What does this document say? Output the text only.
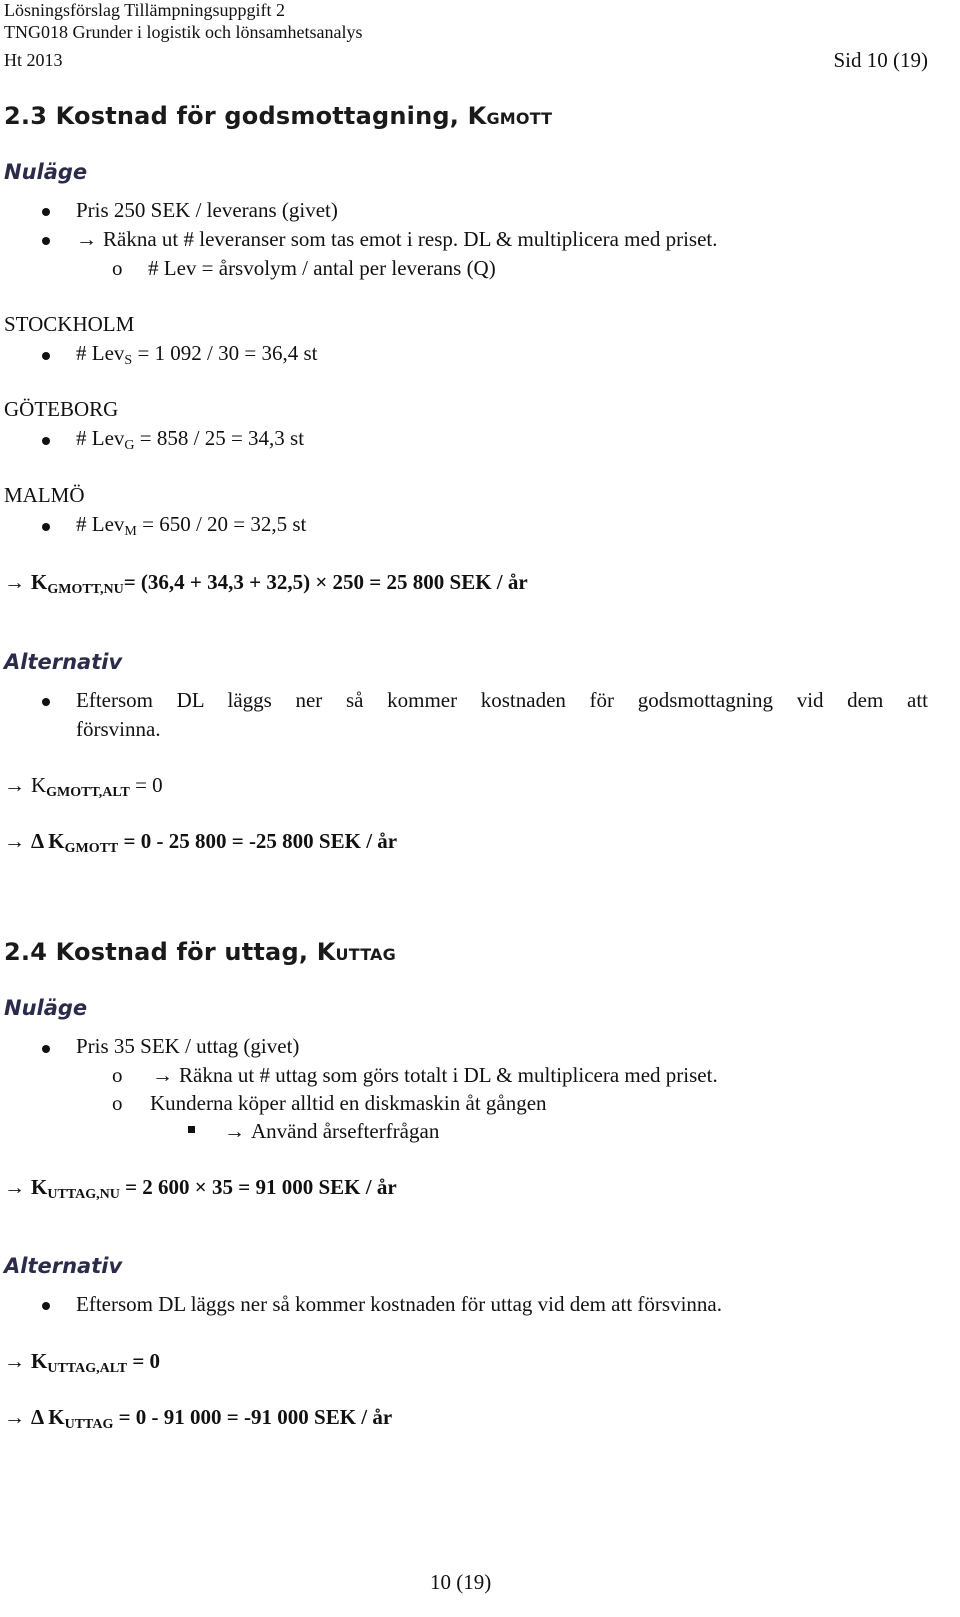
Lösningsförslag Tillämpningsuppgift 2
TNG018 Grunder i logistik och lönsamhetsanalys
Ht 2013	Sid 10 (19)
2.3 Kostnad för godsmottagning, KGMOTT
Nuläge
Pris 250 SEK / leverans (givet)
→ Räkna ut # leveranser som tas emot i resp. DL & multiplicera med priset.
o # Lev = årsvolym / antal per leverans (Q)
STOCKHOLM
# Lev$_S$ = 1 092 / 30 = 36,4 st
GÖTEBORG
# Lev$_G$ = 858 / 25 = 34,3 st
MALMÖ
# Lev$_M$ = 650 / 20 = 32,5 st
→ $K_{GMOTT,NU}= (36,4 + 34,3 + 32,5) \times 250 = 25$ 800 SEK / år
Alternativ
Eftersom DL läggs ner så kommer kostnaden för godsmottagning vid dem att
försvinna.
→ $K_{GMOTT,ALT} = 0$
→ Δ $K_{GMOTT} = 0 - 25$ 800 = -25 800 SEK / år
2.4 Kostnad för uttag, KUTTAG
Nuläge
Pris 35 SEK / uttag (givet)
o → Räkna ut # uttag som görs totalt i DL & multiplicera med priset.
o Kunderna köper alltid en diskmaskin åt gången
→ Använd årsefterfrågan
→ $K_{UTTAG,NU} = 2$ 600 × 35 = 91 000 SEK / år
Alternativ
Eftersom DL läggs ner så kommer kostnaden för uttag vid dem att försvinna.
→ $K_{UTTAG,ALT} = 0$
→ Δ $K_{UTTAG} = 0 - 91$ 000 = -91 000 SEK / år
10 (19)
